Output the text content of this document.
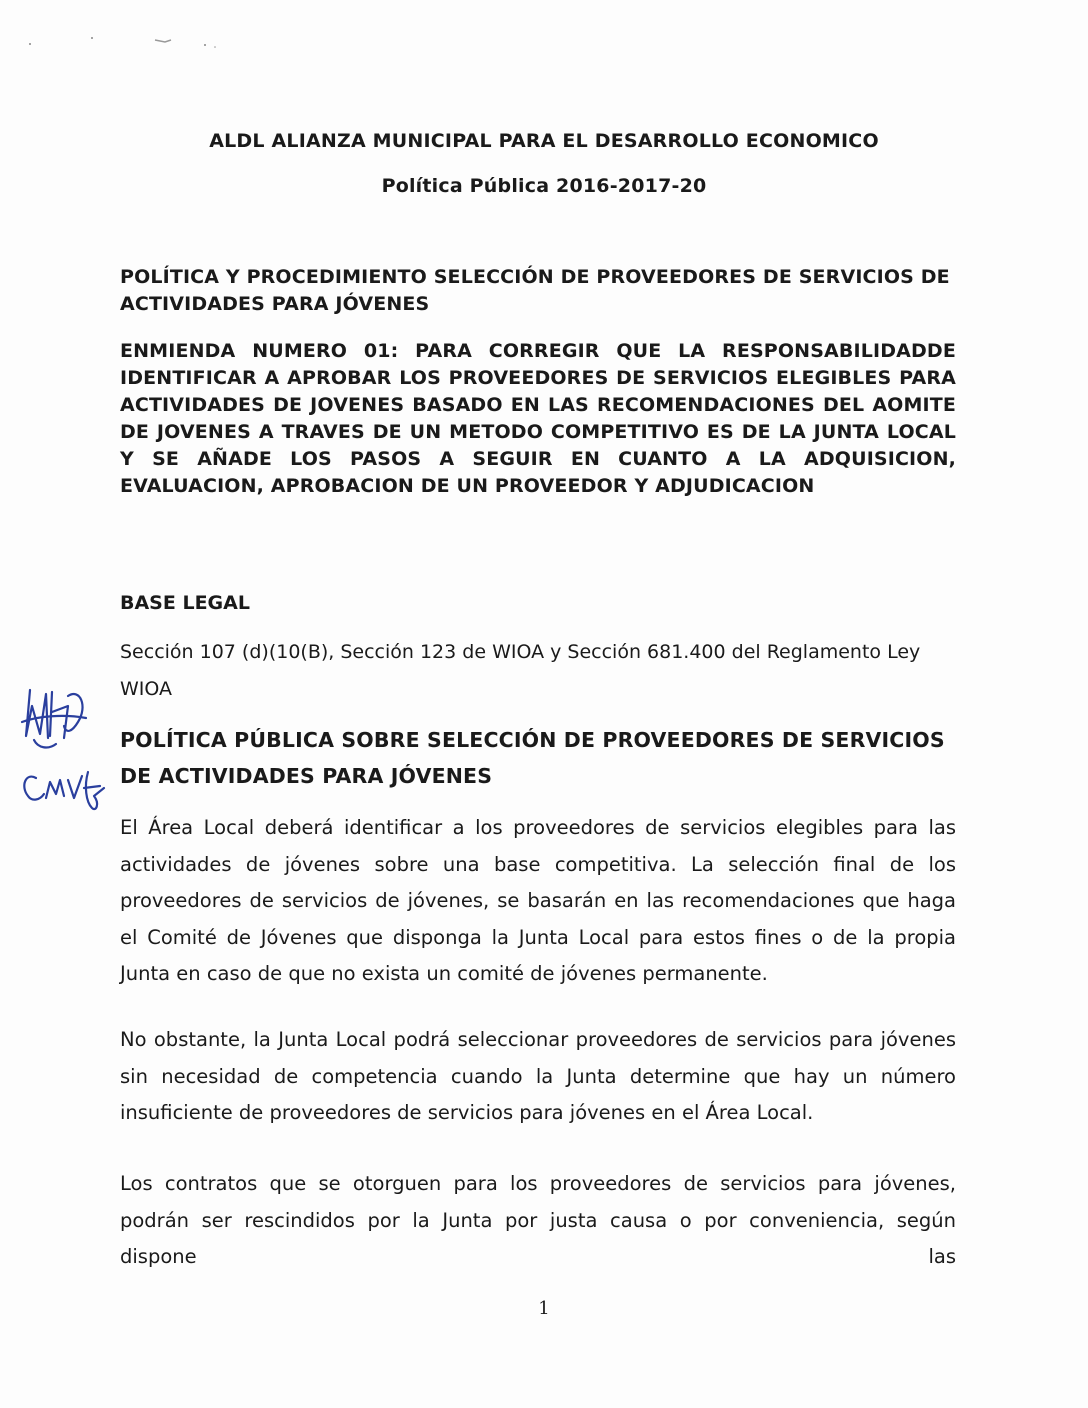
ALDL ALIANZA MUNICIPAL PARA EL DESARROLLO ECONOMICO
Política Pública 2016-2017-20
POLÍTICA Y PROCEDIMIENTO SELECCIÓN DE PROVEEDORES DE SERVICIOS DE ACTIVIDADES PARA JÓVENES
ENMIENDA NUMERO 01: PARA CORREGIR QUE LA RESPONSABILIDADDE IDENTIFICAR A APROBAR LOS PROVEEDORES DE SERVICIOS ELEGIBLES PARA ACTIVIDADES DE JOVENES BASADO EN LAS RECOMENDACIONES DEL AOMITE DE JOVENES A TRAVES DE UN METODO COMPETITIVO ES DE LA JUNTA LOCAL Y SE AÑADE LOS PASOS A SEGUIR EN CUANTO A LA ADQUISICION, EVALUACION, APROBACION DE UN PROVEEDOR Y ADJUDICACION
BASE LEGAL
Sección 107 (d)(10(B), Sección 123 de WIOA y Sección 681.400 del Reglamento Ley WIOA
POLÍTICA PÚBLICA SOBRE SELECCIÓN DE PROVEEDORES DE SERVICIOS DE ACTIVIDADES PARA JÓVENES
El Área Local deberá identificar a los proveedores de servicios elegibles para las actividades de jóvenes sobre una base competitiva. La selección final de los proveedores de servicios de jóvenes, se basarán en las recomendaciones que haga el Comité de Jóvenes que disponga la Junta Local para estos fines o de la propia Junta en caso de que no exista un comité de jóvenes permanente.
No obstante, la Junta Local podrá seleccionar proveedores de servicios para jóvenes sin necesidad de competencia cuando la Junta determine que hay un número insuficiente de proveedores de servicios para jóvenes en el Área Local.
Los contratos que se otorguen para los proveedores de servicios para jóvenes, podrán ser rescindidos por la Junta por justa causa o por conveniencia, según dispone las
1
